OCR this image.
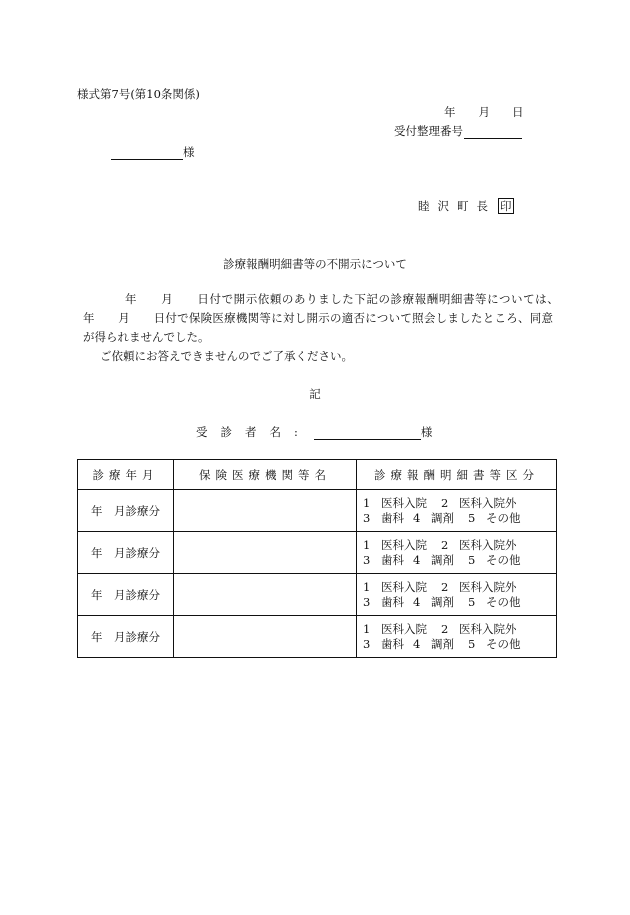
様式第7号(第10条関係)
年 月 日
受付整理番号
様
睦沢町長 印
診療報酬明細書等の不開示について

年　　月　　日付で開示依頼のありました下記の診療報酬明細書等については、　　年　　月　　日付で保険医療機関等に対し開示の適否について照会しましたところ、同意が得られませんでした。

ご依頼にお答えできませんのでご了承ください。

記
受診者名:	様
診療年月	保険医療機関等名	診療報酬明細書等区分
年　月診療分		1 医科入院 2 医科入院外
3 歯科 4 調剤 5 その他

年　月診療分		1 医科入院 2 医科入院外
3 歯科 4 調剤 5 その他

年　月診療分		1 医科入院 2 医科入院外
3 歯科 4 調剤 5 その他

年　月診療分		1 医科入院 2 医科入院外
3 歯科 4 調剤 5 その他
